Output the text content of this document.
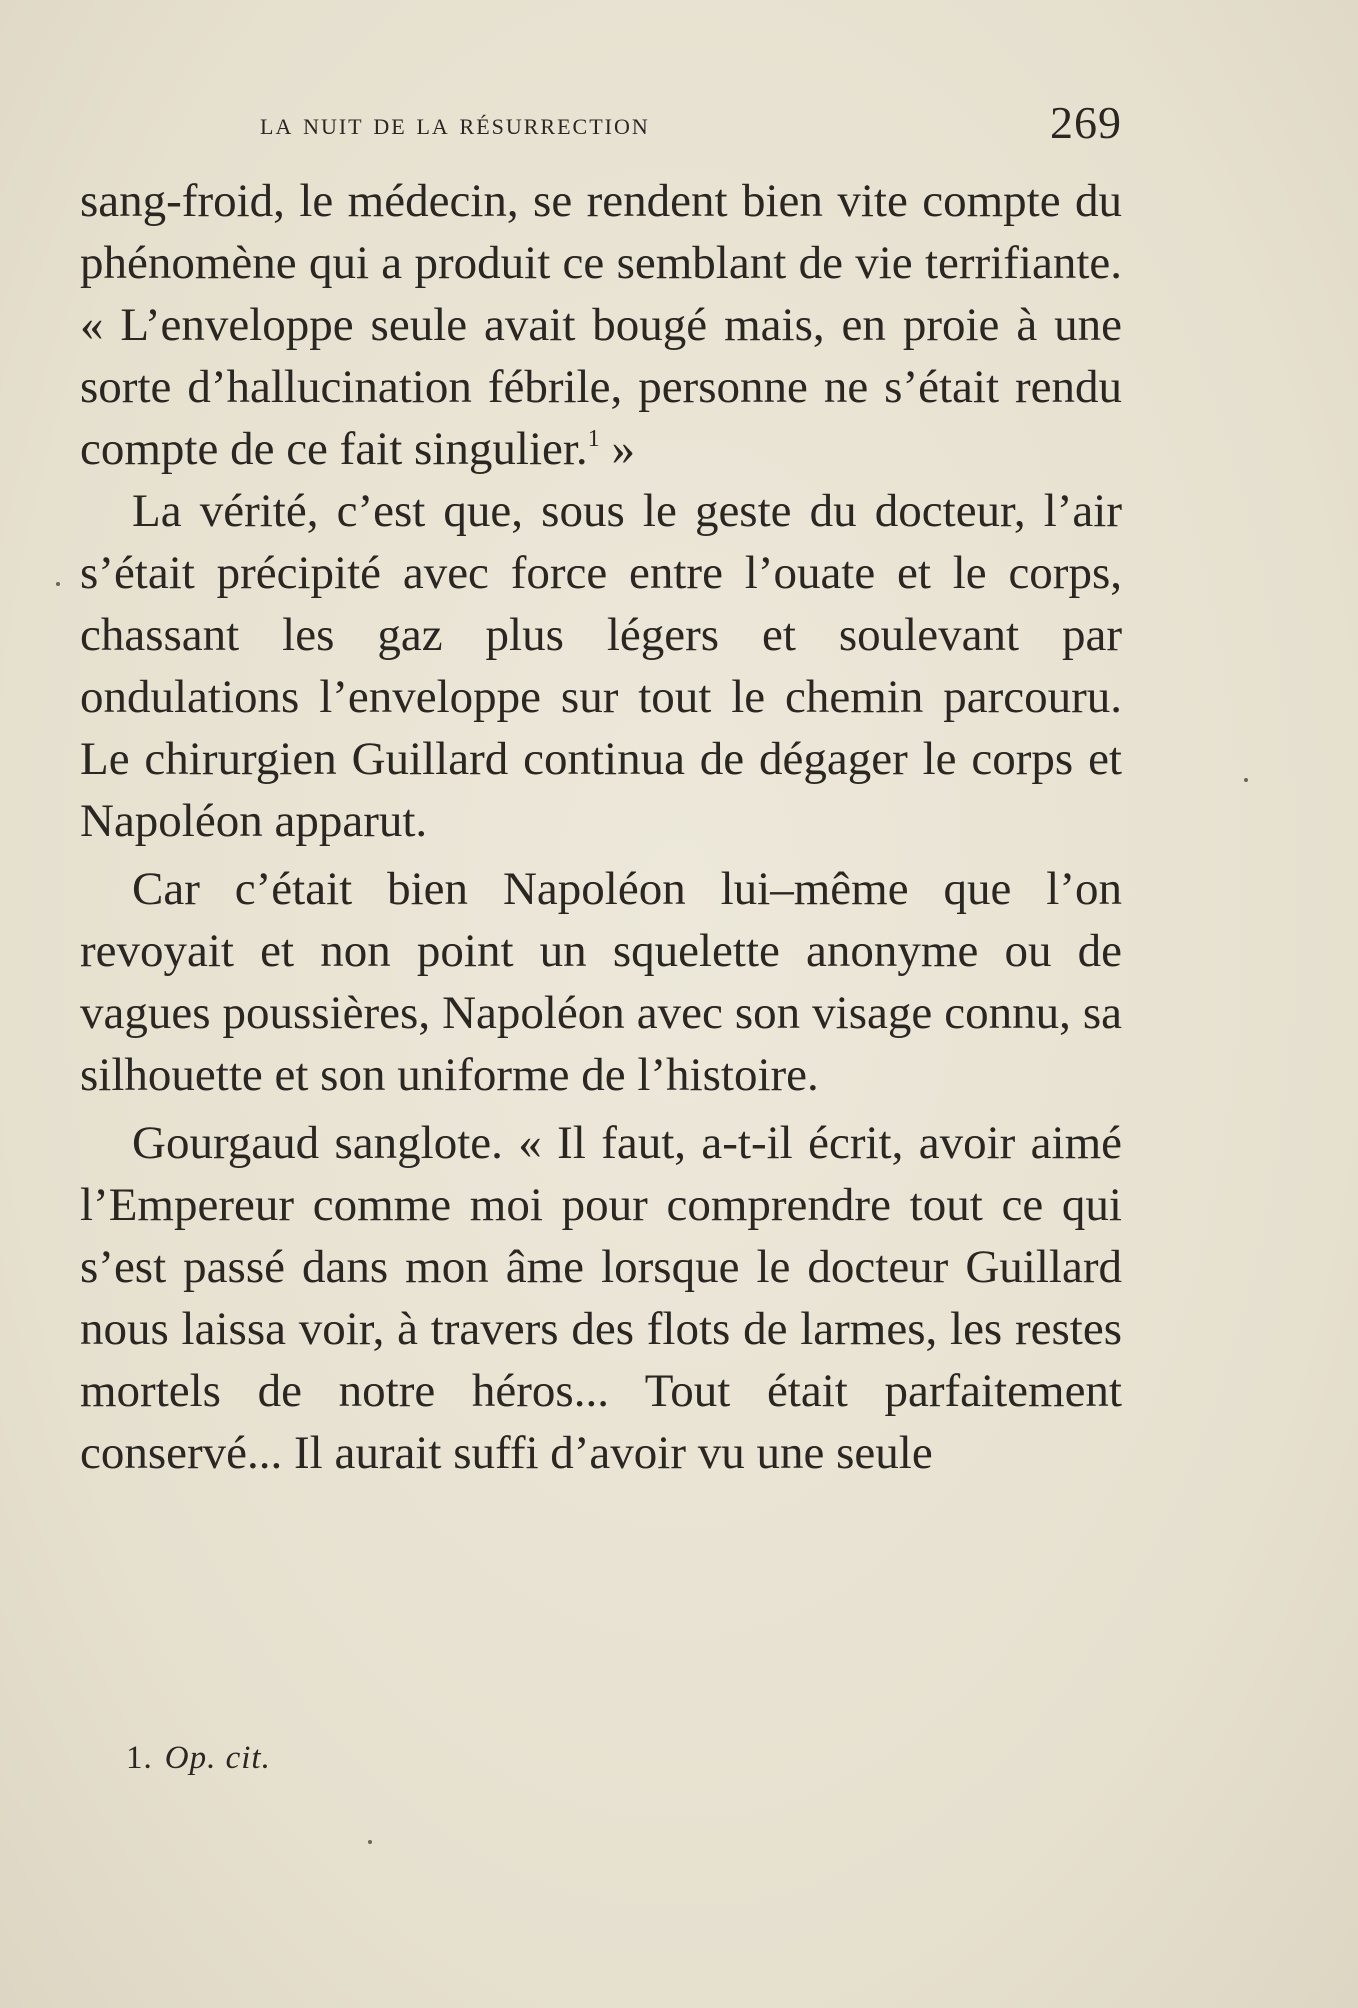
la nuit de la résurrection	269

sang-froid, le médecin, se rendent bien vite compte du phénomène qui a produit ce semblant de vie terrifiante. « L’enveloppe seule avait bougé mais, en proie à une sorte d’hallucination fébrile, personne ne s’était rendu compte de ce fait singulier.$^1$ »

La vérité, c’est que, sous le geste du docteur, l’air s’était précipité avec force entre l’ouate et le corps, chassant les gaz plus légers et soulevant par ondulations l’enveloppe sur tout le chemin parcouru. Le chirurgien Guillard continua de dégager le corps et Napoléon apparut.

Car c’était bien Napoléon lui–même que l’on revoyait et non point un squelette anonyme ou de vagues poussières, Napoléon avec son visage connu, sa silhouette et son uniforme de l’histoire.

Gourgaud sanglote. « Il faut, a-t-il écrit, avoir aimé l’Empereur comme moi pour comprendre tout ce qui s’est passé dans mon âme lorsque le docteur Guillard nous laissa voir, à travers des flots de larmes, les restes mortels de notre héros... Tout était parfaitement conservé... Il aurait suffi d’avoir vu une seule

1. Op. cit.
